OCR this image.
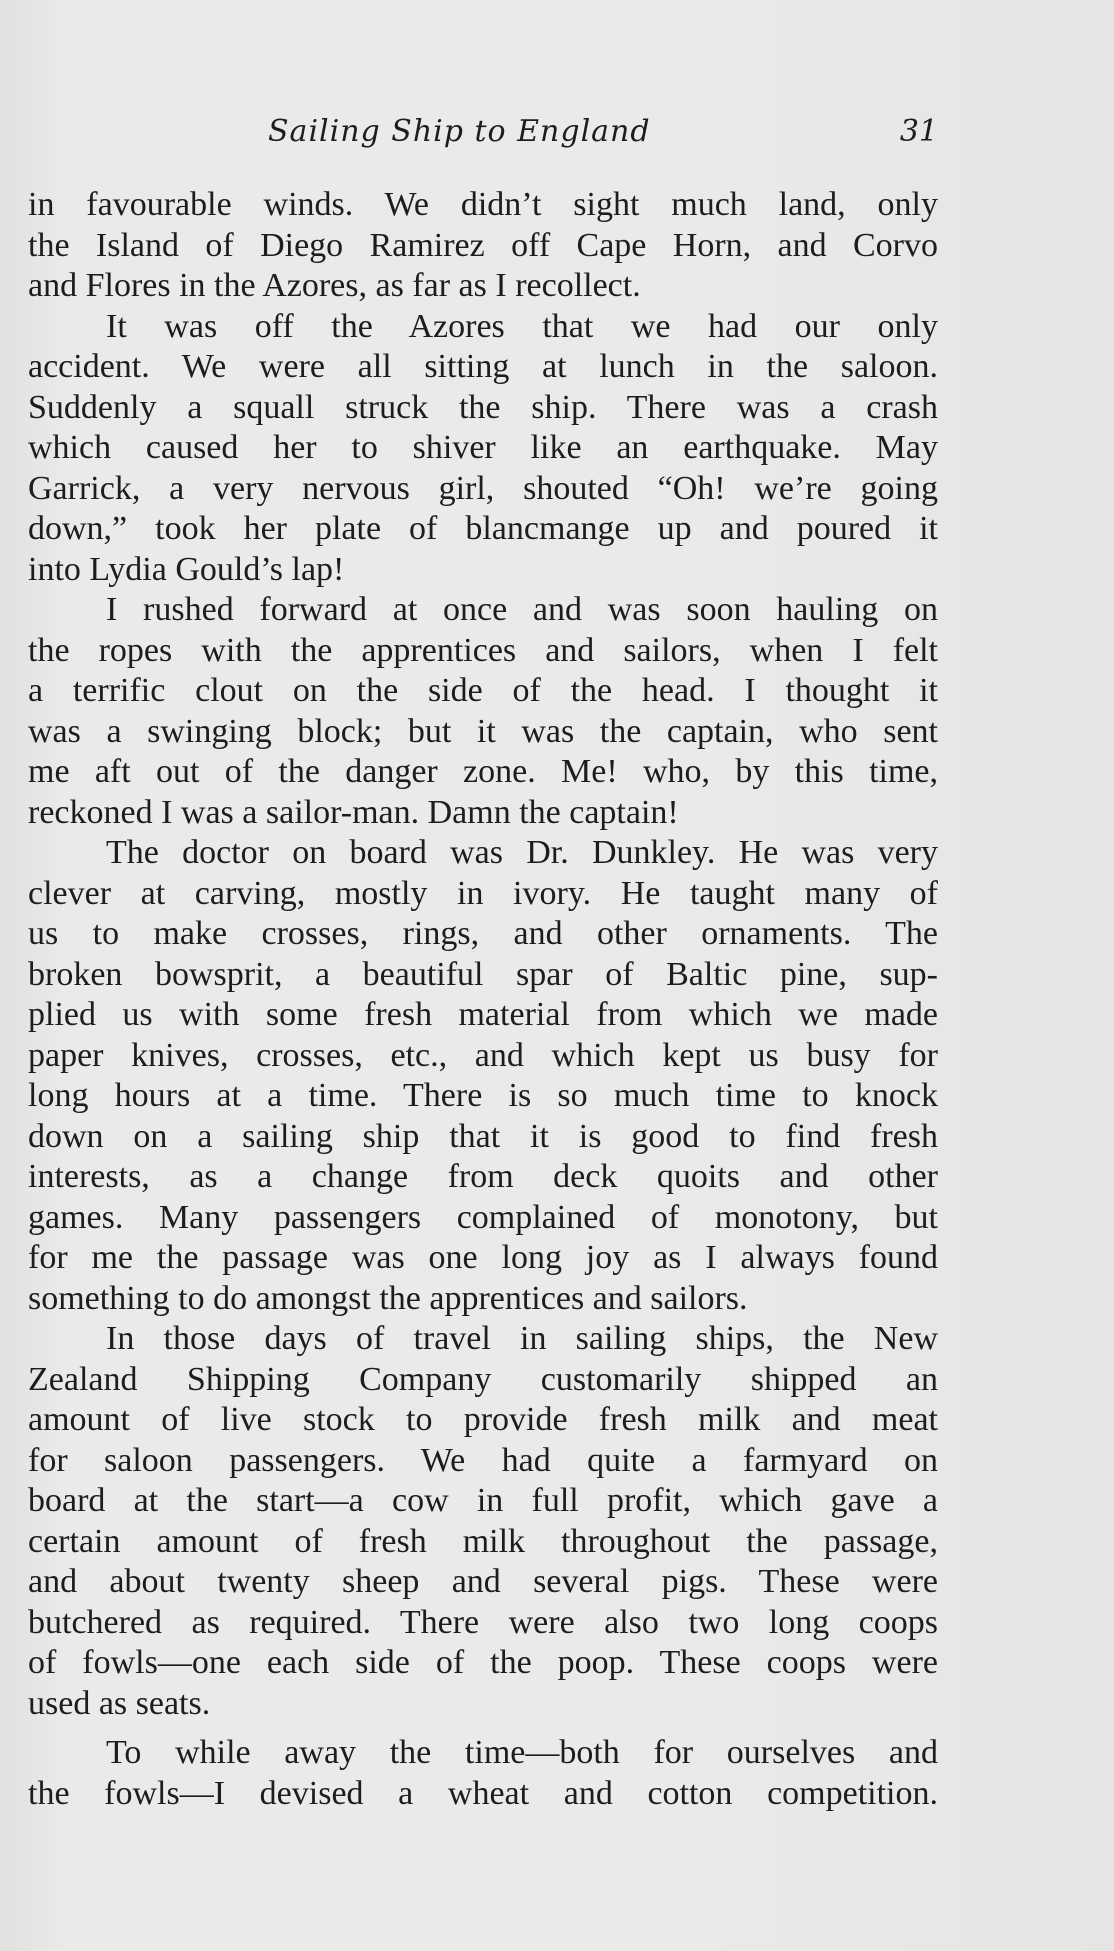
Sailing Ship to England	31
in favourable winds. We didn’t sight much land, only
the Island of Diego Ramirez off Cape Horn, and Corvo
and Flores in the Azores, as far as I recollect.
It was off the Azores that we had our only
accident. We were all sitting at lunch in the saloon.
Suddenly a squall struck the ship. There was a crash
which caused her to shiver like an earthquake. May
Garrick, a very nervous girl, shouted “Oh! we’re going
down,” took her plate of blancmange up and poured it
into Lydia Gould’s lap!
I rushed forward at once and was soon hauling on
the ropes with the apprentices and sailors, when I felt
a terrific clout on the side of the head. I thought it
was a swinging block; but it was the captain, who sent
me aft out of the danger zone. Me! who, by this time,
reckoned I was a sailor-man. Damn the captain!
The doctor on board was Dr. Dunkley. He was very
clever at carving, mostly in ivory. He taught many of
us to make crosses, rings, and other ornaments. The
broken bowsprit, a beautiful spar of Baltic pine, sup-
plied us with some fresh material from which we made
paper knives, crosses, etc., and which kept us busy for
long hours at a time. There is so much time to knock
down on a sailing ship that it is good to find fresh
interests, as a change from deck quoits and other
games. Many passengers complained of monotony, but
for me the passage was one long joy as I always found
something to do amongst the apprentices and sailors.
In those days of travel in sailing ships, the New
Zealand Shipping Company customarily shipped an
amount of live stock to provide fresh milk and meat
for saloon passengers. We had quite a farmyard on
board at the start—a cow in full profit, which gave a
certain amount of fresh milk throughout the passage,
and about twenty sheep and several pigs. These were
butchered as required. There were also two long coops
of fowls—one each side of the poop. These coops were
used as seats.
To while away the time—both for ourselves and
the fowls—I devised a wheat and cotton competition.
